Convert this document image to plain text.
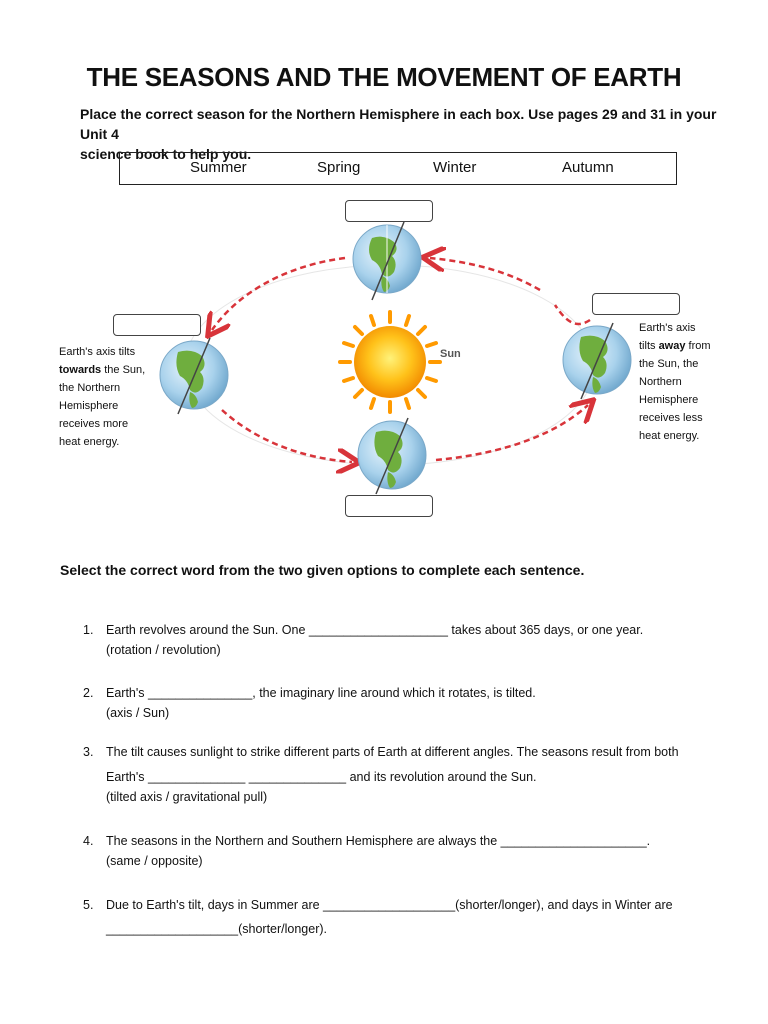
THE SEASONS AND THE MOVEMENT OF EARTH
Place the correct season for the Northern Hemisphere in each box. Use pages 29 and 31 in your Unit 4
science book to help you.
Summer	Spring	Winter	Autumn
Sun
Earth's axis tilts
towards the Sun,
the Northern
Hemisphere
receives more
heat energy.
Earth's axis
tilts away from
the Sun, the
Northern
Hemisphere
receives less
heat energy.
Select the correct word from the two given options to complete each sentence.
1. Earth revolves around the Sun. One ____________________ takes about 365 days, or one year.
(rotation / revolution)
2. Earth's _______________, the imaginary line around which it rotates, is tilted.
(axis / Sun)
3. The tilt causes sunlight to strike different parts of Earth at different angles. The seasons result from both
Earth's ______________ ______________ and its revolution around the Sun.
(tilted axis / gravitational pull)
4. The seasons in the Northern and Southern Hemisphere are always the _____________________.
(same / opposite)
5. Due to Earth's tilt, days in Summer are ___________________(shorter/longer), and days in Winter are
___________________(shorter/longer).
